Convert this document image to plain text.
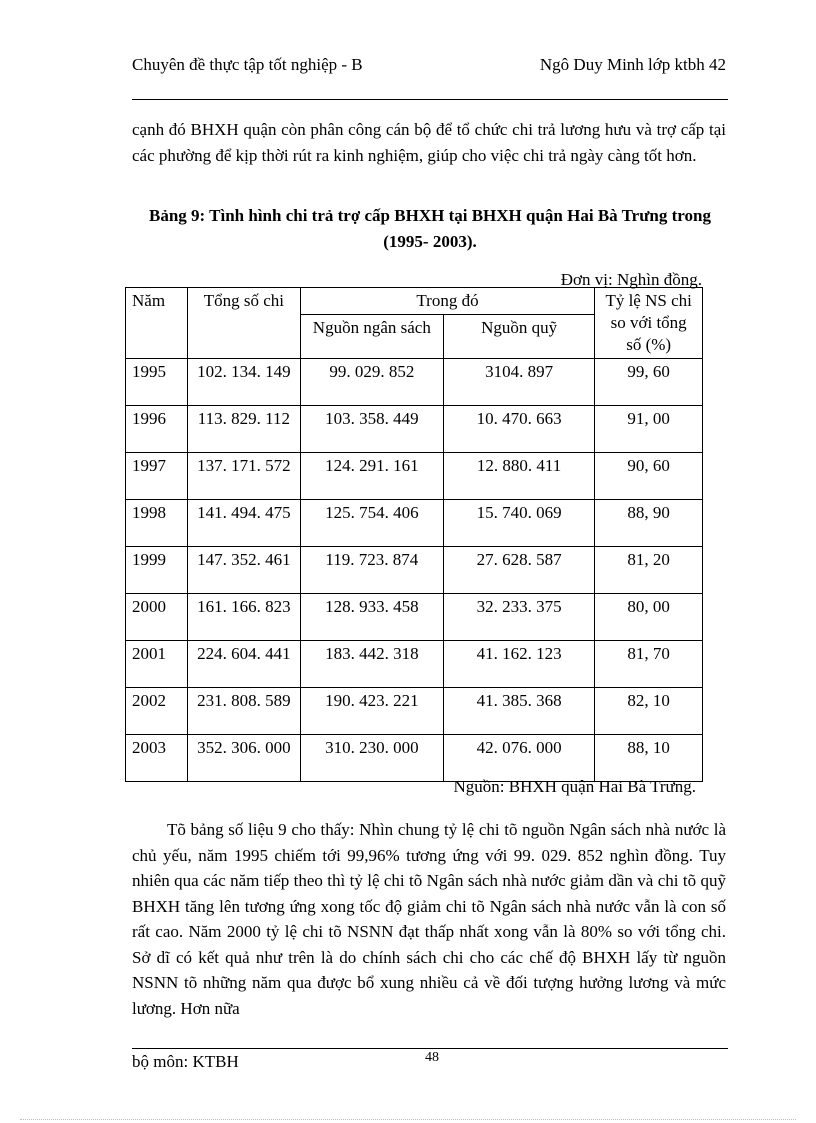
Chuyên đề thực tập tốt nghiệp - B	Ngô Duy Minh lớp ktbh 42
cạnh đó BHXH quận còn phân công cán bộ để tổ chức chi trả lương hưu và trợ cấp tại các phường để kịp thời rút ra kinh nghiệm, giúp cho việc chi trả ngày càng tốt hơn.
Bảng 9: Tình hình chi trả trợ cấp BHXH tại BHXH quận Hai Bà Trưng trong (1995- 2003).
Đơn vị: Nghìn đồng.
Năm	Tổng số chi	Trong đó		Tỷ lệ NS chi so với tổng số (%)
		Nguồn ngân sách	Nguồn quỹ	
1995	102. 134. 149	99. 029. 852	3104. 897	99, 60
1996	113. 829. 112	103. 358. 449	10. 470. 663	91, 00
1997	137. 171. 572	124. 291. 161	12. 880. 411	90, 60
1998	141. 494. 475	125. 754. 406	15. 740. 069	88, 90
1999	147. 352. 461	119. 723. 874	27. 628. 587	81, 20
2000	161. 166. 823	128. 933. 458	32. 233. 375	80, 00
2001	224. 604. 441	183. 442. 318	41. 162. 123	81, 70
2002	231. 808. 589	190. 423. 221	41. 385. 368	82, 10
2003	352. 306. 000	310. 230. 000	42. 076. 000	88, 10
Nguồn: BHXH quận Hai Bà Trưng.
Tõ bảng số liệu 9 cho thấy: Nhìn chung tỷ lệ chi tõ nguồn Ngân sách nhà nước là chủ yếu, năm 1995 chiếm tới 99,96% tương ứng với 99. 029. 852 nghìn đồng. Tuy nhiên qua các năm tiếp theo thì tỷ lệ chi tõ Ngân sách nhà nước giảm dần và chi tõ quỹ BHXH tăng lên tương ứng xong tốc độ giảm chi tõ Ngân sách nhà nước vẫn là con số rất cao. Năm 2000 tỷ lệ chi tõ NSNN đạt thấp nhất xong vẫn là 80% so với tổng chi. Sở dĩ có kết quả như trên là do chính sách chi cho các chế độ BHXH lấy từ nguồn NSNN tõ những năm qua được bổ xung nhiều cả về đối tượng hưởng lương và mức lương. Hơn nữa
bộ môn: KTBH	48
